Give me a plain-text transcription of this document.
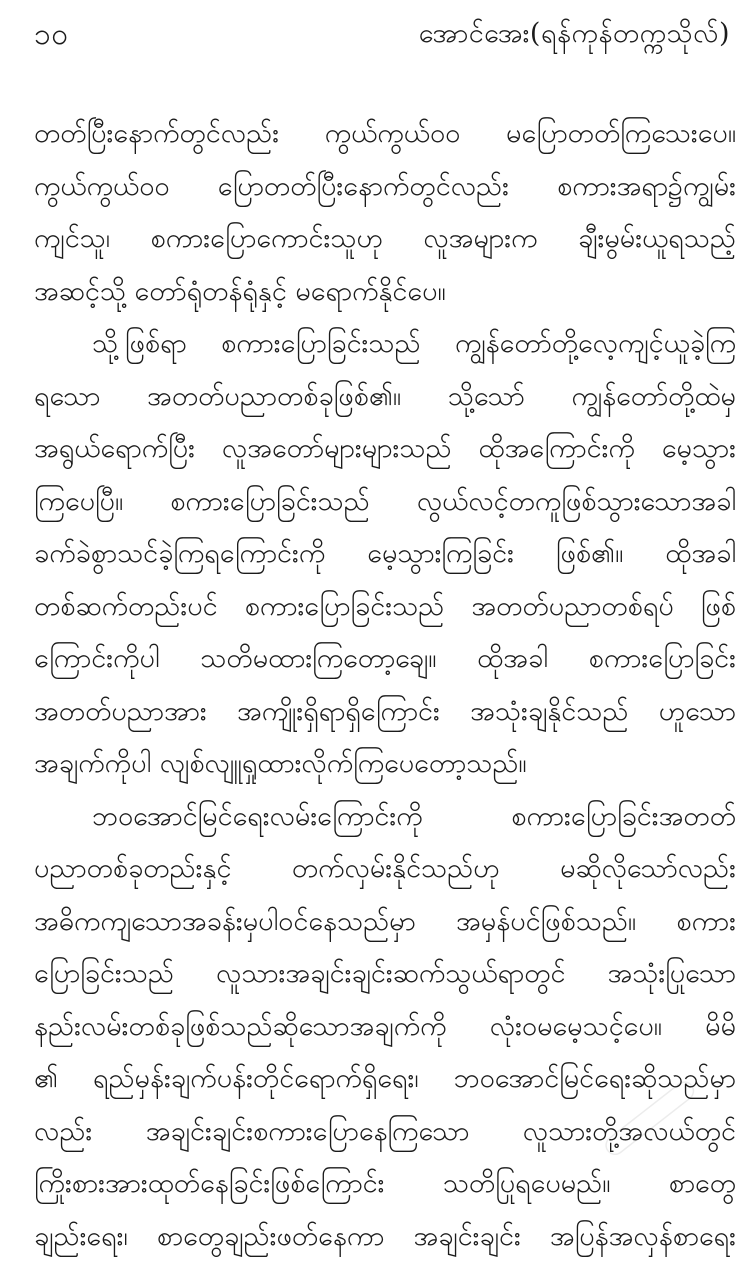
၁၀	အောင်အေး(ရန်ကုန်တက္ကသိုလ်)
တတ်ပြီးနောက်တွင်လည်း ကွယ်ကွယ်ဝဝ မပြောတတ်ကြသေးပေ။
ကွယ်ကွယ်ဝဝ ပြောတတ်ပြီးနောက်တွင်လည်း စကားအရာ၌ကျွမ်း
ကျင်သူ၊ စကားပြောကောင်းသူဟု လူအများက ချီးမွမ်းယူရသည့်
အဆင့်သို့ တော်ရုံတန်ရုံနှင့် မရောက်နိုင်ပေ။
သို့ဖြစ်ရာ စကားပြောခြင်းသည် ကျွန်တော်တို့လေ့ကျင့်ယူခဲ့ကြ
ရသော အတတ်ပညာတစ်ခုဖြစ်၏။ သို့သော် ကျွန်တော်တို့ထဲမှ
အရွယ်ရောက်ပြီး လူအတော်များများသည် ထိုအကြောင်းကို မေ့သွား
ကြပေပြီ။ စကားပြောခြင်းသည် လွယ်လင့်တကူဖြစ်သွားသောအခါ
ခက်ခဲစွာသင်ခဲ့ကြရကြောင်းကို မေ့သွားကြခြင်း ဖြစ်၏။ ထိုအခါ
တစ်ဆက်တည်းပင် စကားပြောခြင်းသည် အတတ်ပညာတစ်ရပ် ဖြစ်
ကြောင်းကိုပါ သတိမထားကြတော့ချေ။ ထိုအခါ စကားပြောခြင်း
အတတ်ပညာအား အကျိုးရှိရာရှိကြောင်း အသုံးချနိုင်သည် ဟူသော
အချက်ကိုပါ လျစ်လျူရှုထားလိုက်ကြပေတော့သည်။
ဘဝအောင်မြင်ရေးလမ်းကြောင်းကို စကားပြောခြင်းအတတ်
ပညာတစ်ခုတည်းနှင့် တက်လှမ်းနိုင်သည်ဟု မဆိုလိုသော်လည်း
အဓိကကျသောအခန်းမှပါဝင်နေသည်မှာ အမှန်ပင်ဖြစ်သည်။ စကား
ပြောခြင်းသည် လူသားအချင်းချင်းဆက်သွယ်ရာတွင် အသုံးပြုသော
နည်းလမ်းတစ်ခုဖြစ်သည်ဆိုသောအချက်ကို လုံးဝမမေ့သင့်ပေ။ မိမိ
၏ ရည်မှန်းချက်ပန်းတိုင်ရောက်ရှိရေး၊ ဘဝအောင်မြင်ရေးဆိုသည်မှာ
လည်း အချင်းချင်းစကားပြောနေကြသော လူသားတို့အလယ်တွင်
ကြိုးစားအားထုတ်နေခြင်းဖြစ်ကြောင်း သတိပြုရပေမည်။ စာတွေ
ချည်းရေး၊ စာတွေချည်းဖတ်နေကာ အချင်းချင်း အပြန်အလှန်စာရေး
